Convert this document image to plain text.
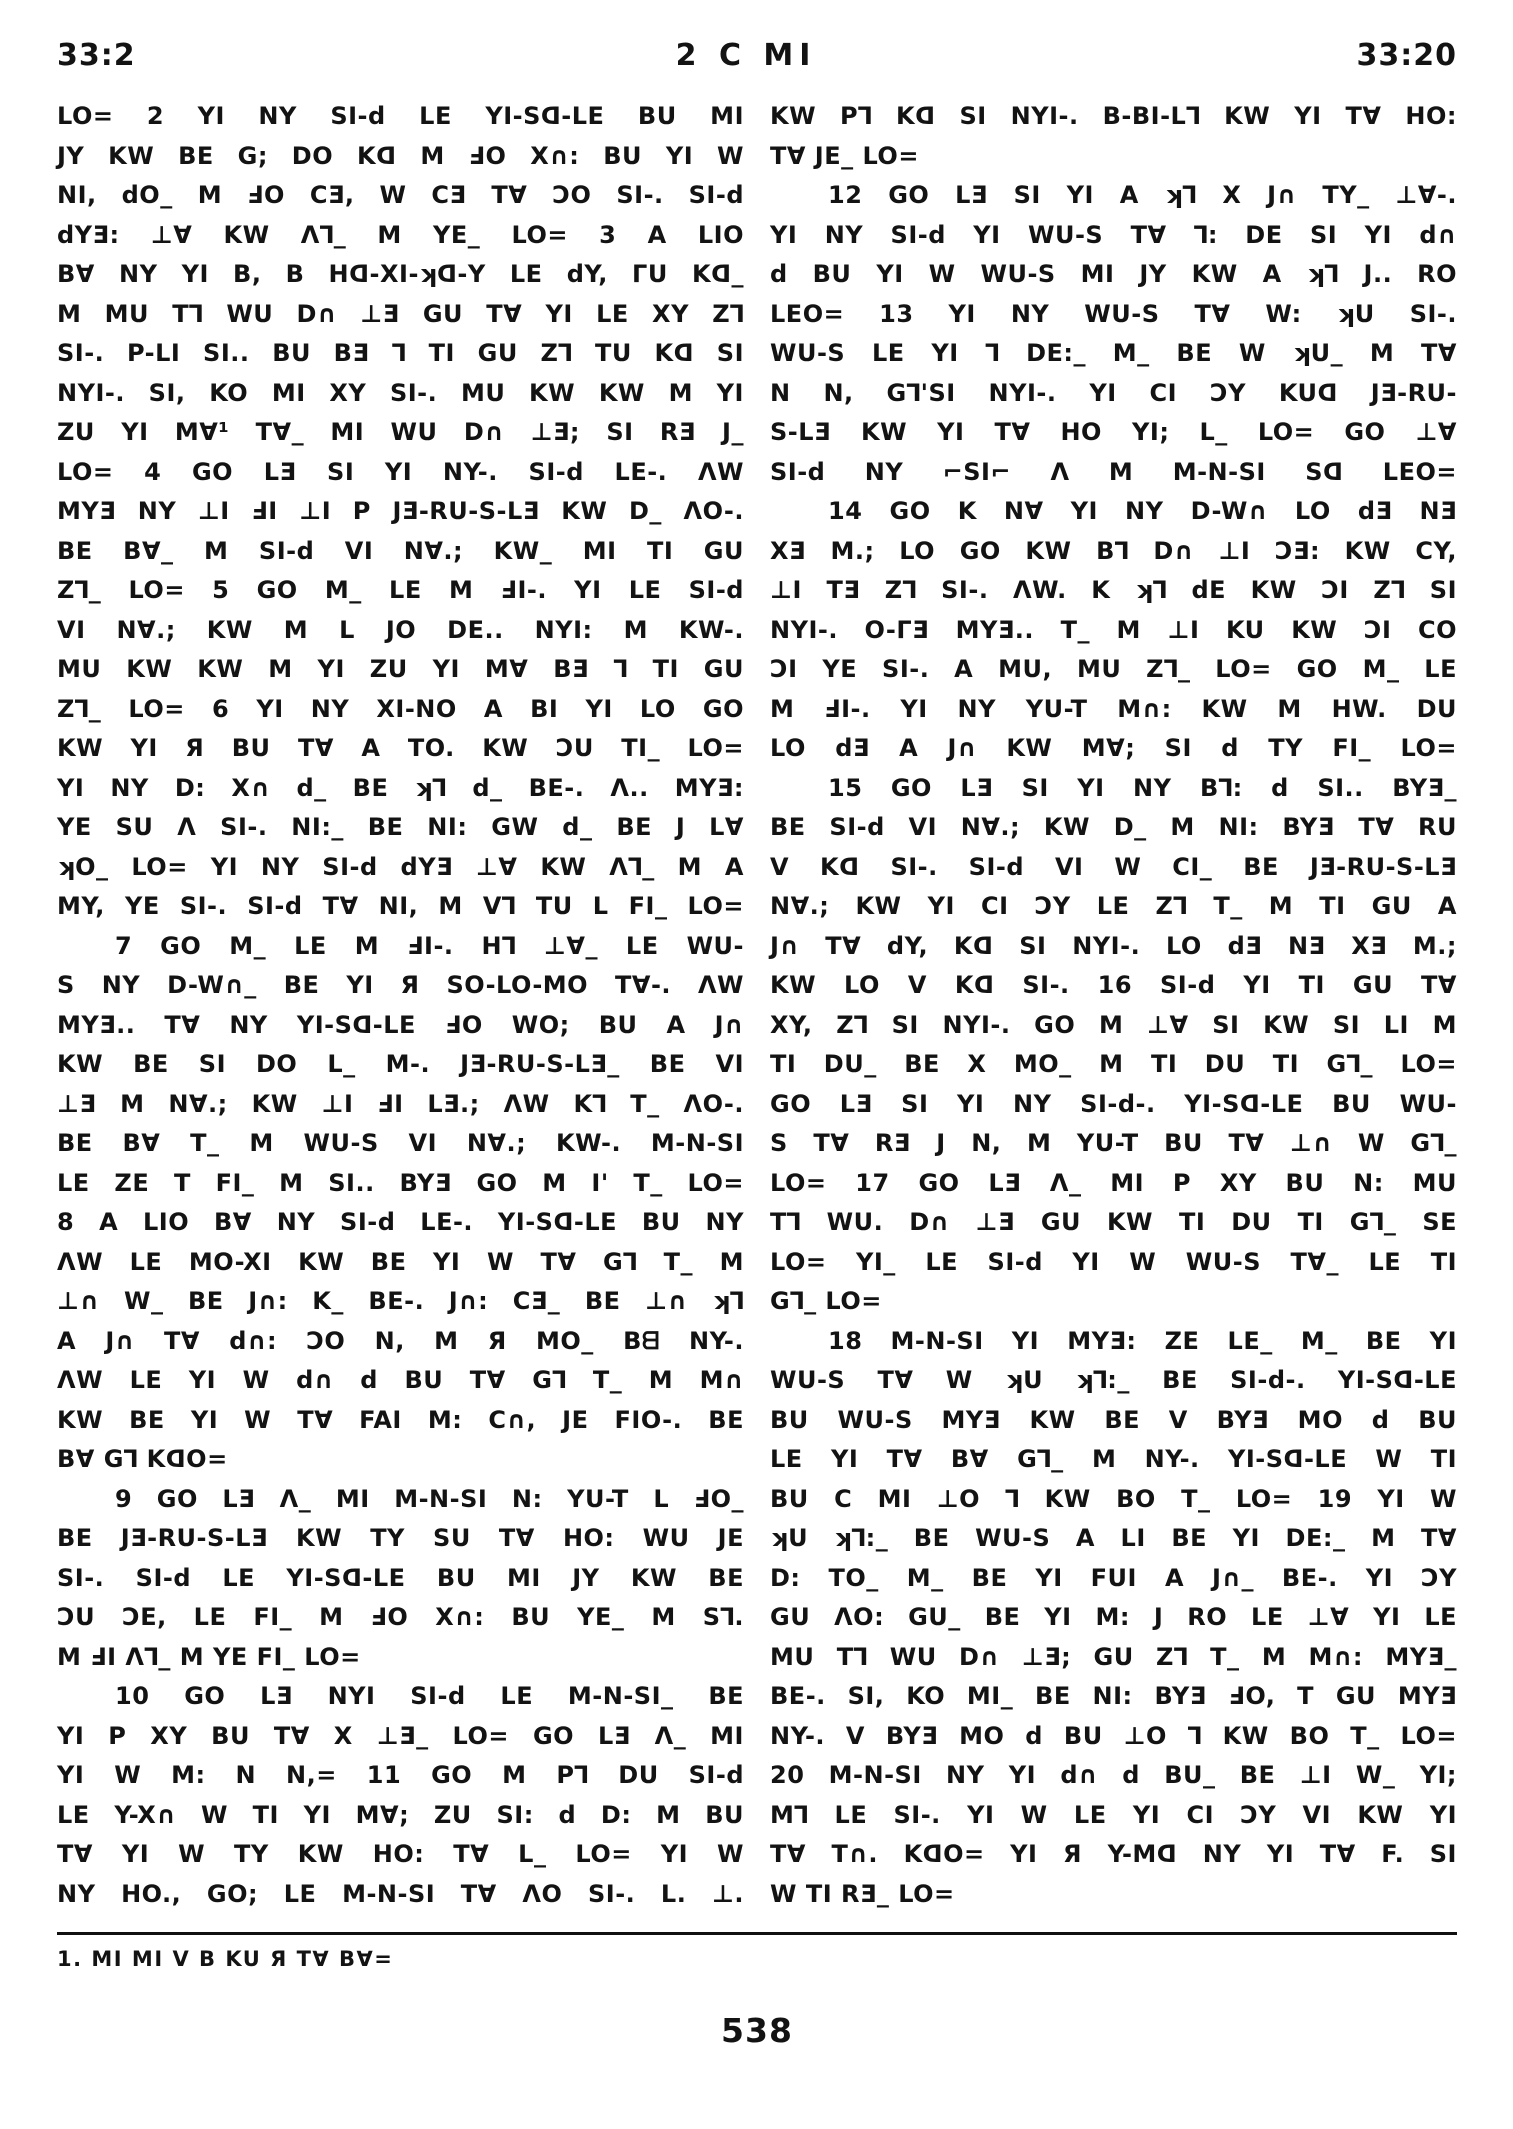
33:2	2 C MI	33:20
LO= 2 YI NY SI-d LE YI-Sᗡ-LE BU MI
JY KW BE G; DO Kᗡ M ℲO X∩: BU YI W
NI, dO_ M ℲO CƎ, W CƎ T∀ ƆO SI-. SI-d
dYƎ: ⊥∀ KW Λ⅂_ M YE_ LO= 3 A LIO
B∀ NY YI B, B Hᗡ-XI-ʞᗡ-Y LE dY, ΓU Kᗡ_
M MU T⅂ WU D∩ ⊥Ǝ GU T∀ YI LE XY Z⅂
SI-. P-LI SI.. BU BƎ ⅂ TI GU Z⅂ TU Kᗡ SI
NYI-. SI, KO MI XY SI-. MU KW KW M YI
ZU YI M∀¹ T∀_ MI WU D∩ ⊥Ǝ; SI RƎ J_
LO= 4 GO LƎ SI YI NY-. SI-d LE-. ΛW
MYƎ NY ⊥I ℲI ⊥I P JƎ-RU-S-LƎ KW D_ ΛO-.
BE B∀_ M SI-d VI N∀.; KW_ MI TI GU
Z⅂_ LO= 5 GO M_ LE M ℲI-. YI LE SI-d
VI N∀.; KW M L JO DE.. NYI: M KW-.
MU KW KW M YI ZU YI M∀ BƎ ⅂ TI GU
Z⅂_ LO= 6 YI NY XI-NO A BI YI LO GO
KW YI Я BU T∀ A TO. KW ƆU TI_ LO=
YI NY D: X∩ d_ BE ʞ⅂ d_ BE-. Λ.. MYƎ:
YE SU Λ SI-. NI:_ BE NI: GW d_ BE J L∀
ʞO_ LO= YI NY SI-d dYƎ ⊥∀ KW Λ⅂_ M A
MY, YE SI-. SI-d T∀ NI, M V⅂ TU L FI_ LO=
7 GO M_ LE M ℲI-. H⅂ ⊥∀_ LE WU-
S NY D-W∩_ BE YI Я SO-LO-MO T∀-. ΛW
MYƎ.. T∀ NY YI-Sᗡ-LE ℲO WO; BU A J∩
KW BE SI DO L_ M-. JƎ-RU-S-LƎ_ BE VI
⊥Ǝ M N∀.; KW ⊥I ℲI LƎ.; ΛW K⅂ T_ ΛO-.
BE B∀ T_ M WU-S VI N∀.; KW-. M-N-SI
LE ZE T FI_ M SI.. BYƎ GO M I' T_ LO=
8 A LIO B∀ NY SI-d LE-. YI-Sᗡ-LE BU NY
ΛW LE MO-XI KW BE YI W T∀ G⅂ T_ M
⊥∩ W_ BE J∩: K_ BE-. J∩: CƎ_ BE ⊥∩ ʞ⅂
A J∩ T∀ d∩: ƆO N, M Я MO_ Bᗺ NY-.
ΛW LE YI W d∩ d BU T∀ G⅂ T_ M M∩
KW BE YI W T∀ FAI M: C∩, JE FIO-. BE
B∀ G⅂ KᗡO=
9 GO LƎ Λ_ MI M-N-SI N: YU-T L ℲO_
BE JƎ-RU-S-LƎ KW TY SU T∀ HO: WU JE
SI-. SI-d LE YI-Sᗡ-LE BU MI JY KW BE
ƆU ƆE, LE FI_ M ℲO X∩: BU YE_ M S⅂.
M ℲI Λ⅂_ M YE FI_ LO=
10 GO LƎ NYI SI-d LE M-N-SI_ BE
YI P XY BU T∀ X ⊥Ǝ_ LO= GO LƎ Λ_ MI
YI W M: N N,= 11 GO M P⅂ DU SI-d
LE Y-X∩ W TI YI M∀; ZU SI: d D: M BU
T∀ YI W TY KW HO: T∀ L_ LO= YI W
NY HO., GO; LE M-N-SI T∀ ΛO SI-. L. ⊥.
KW P⅂ Kᗡ SI NYI-. B-BI-L⅂ KW YI T∀ HO:
T∀ JE_ LO=
12 GO LƎ SI YI A ʞ⅂ X J∩ TY_ ⊥∀-.
YI NY SI-d YI WU-S T∀ ⅂: DE SI YI d∩
d BU YI W WU-S MI JY KW A ʞ⅂ J.. RO
LEO= 13 YI NY WU-S T∀ W: ʞU SI-.
WU-S LE YI ⅂ DE:_ M_ BE W ʞU_ M T∀
N N, G⅂'SI NYI-. YI CI ƆY KUᗡ JƎ-RU-
S-LƎ KW YI T∀ HO YI; L_ LO= GO ⊥∀
SI-d NY ⌐SI⌐ Λ M M-N-SI Sᗡ LEO=
14 GO K N∀ YI NY D-W∩ LO dƎ NƎ
XƎ M.; LO GO KW B⅂ D∩ ⊥I ƆƎ: KW CY,
⊥I TƎ Z⅂ SI-. ΛW. K ʞ⅂ dE KW ƆI Z⅂ SI
NYI-. O-ΓƎ MYƎ.. T_ M ⊥I KU KW ƆI CO
ƆI YE SI-. A MU, MU Z⅂_ LO= GO M_ LE
M ℲI-. YI NY YU-T M∩: KW M HW. DU
LO dƎ A J∩ KW M∀; SI d TY FI_ LO=
15 GO LƎ SI YI NY B⅂: d SI.. BYƎ_
BE SI-d VI N∀.; KW D_ M NI: BYƎ T∀ RU
V Kᗡ SI-. SI-d VI W CI_ BE JƎ-RU-S-LƎ
N∀.; KW YI CI ƆY LE Z⅂ T_ M TI GU A
J∩ T∀ dY, Kᗡ SI NYI-. LO dƎ NƎ XƎ M.;
KW LO V Kᗡ SI-. 16 SI-d YI TI GU T∀
XY, Z⅂ SI NYI-. GO M ⊥∀ SI KW SI LI M
TI DU_ BE X MO_ M TI DU TI G⅂_ LO=
GO LƎ SI YI NY SI-d-. YI-Sᗡ-LE BU WU-
S T∀ RƎ J N, M YU-T BU T∀ ⊥∩ W G⅂_
LO= 17 GO LƎ Λ_ MI P XY BU N: MU
T⅂ WU. D∩ ⊥Ǝ GU KW TI DU TI G⅂_ SE
LO= YI_ LE SI-d YI W WU-S T∀_ LE TI
G⅂_ LO=
18 M-N-SI YI MYƎ: ZE LE_ M_ BE YI
WU-S T∀ W ʞU ʞ⅂:_ BE SI-d-. YI-Sᗡ-LE
BU WU-S MYƎ KW BE V BYƎ MO d BU
LE YI T∀ B∀ G⅂_ M NY-. YI-Sᗡ-LE W TI
BU C MI ⊥O ⅂ KW BO T_ LO= 19 YI W
ʞU ʞ⅂:_ BE WU-S A LI BE YI DE:_ M T∀
D: TO_ M_ BE YI FUI A J∩_ BE-. YI ƆY
GU ΛO: GU_ BE YI M: J RO LE ⊥∀ YI LE
MU T⅂ WU D∩ ⊥Ǝ; GU Z⅂ T_ M M∩: MYƎ_
BE-. SI, KO MI_ BE NI: BYƎ ℲO, T GU MYƎ
NY-. V BYƎ MO d BU ⊥O ⅂ KW BO T_ LO=
20 M-N-SI NY YI d∩ d BU_ BE ⊥I W_ YI;
M⅂ LE SI-. YI W LE YI CI ƆY VI KW YI
T∀ T∩. KᗡO= YI Я Y-Mᗡ NY YI T∀ F. SI
W TI RƎ_ LO=
1. MI MI V B KU Я T∀ B∀=
538
